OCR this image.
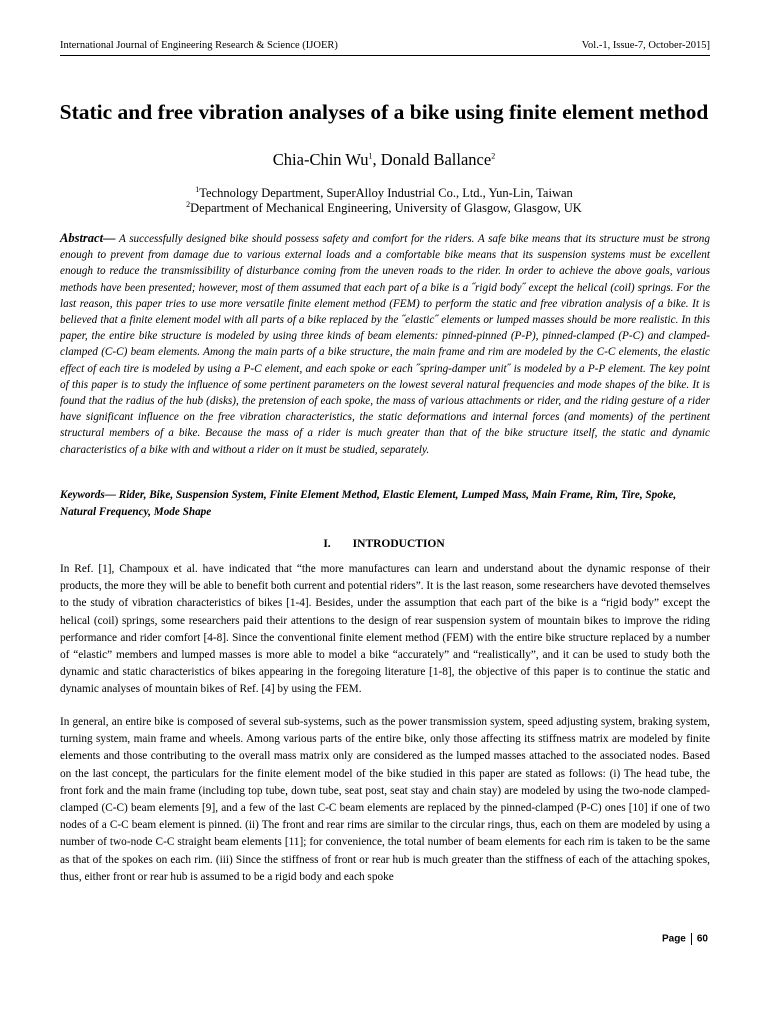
International Journal of Engineering Research & Science (IJOER)	Vol.-1, Issue-7, October-2015]
Static and free vibration analyses of a bike using finite element method
Chia-Chin Wu$^1$, Donald Ballance$^2$
$^1$Technology Department, SuperAlloy Industrial Co., Ltd., Yun-Lin, Taiwan
$^2$Department of Mechanical Engineering, University of Glasgow, Glasgow, UK
Abstract— A successfully designed bike should possess safety and comfort for the riders. A safe bike means that its structure must be strong enough to prevent from damage due to various external loads and a comfortable bike means that its suspension systems must be excellent enough to reduce the transmissibility of disturbance coming from the uneven roads to the rider. In order to achieve the above goals, various methods have been presented; however, most of them assumed that each part of a bike is a ˝rigid body˝ except the helical (coil) springs. For the last reason, this paper tries to use more versatile finite element method (FEM) to perform the static and free vibration analysis of a bike. It is believed that a finite element model with all parts of a bike replaced by the ˝elastic˝ elements or lumped masses should be more realistic. In this paper, the entire bike structure is modeled by using three kinds of beam elements: pinned-pinned (P-P), pinned-clamped (P-C) and clamped-clamped (C-C) beam elements. Among the main parts of a bike structure, the main frame and rim are modeled by the C-C elements, the elastic effect of each tire is modeled by using a P-C element, and each spoke or each ˝spring-damper unit˝ is modeled by a P-P element. The key point of this paper is to study the influence of some pertinent parameters on the lowest several natural frequencies and mode shapes of the bike. It is found that the radius of the hub (disks), the pretension of each spoke, the mass of various attachments or rider, and the riding gesture of a rider have significant influence on the free vibration characteristics, the static deformations and internal forces (and moments) of the pertinent structural members of a bike. Because the mass of a rider is much greater than that of the bike structure itself, the static and dynamic characteristics of a bike with and without a rider on it must be studied, separately.
Keywords— Rider, Bike, Suspension System, Finite Element Method, Elastic Element, Lumped Mass, Main Frame, Rim, Tire, Spoke, Natural Frequency, Mode Shape
I. INTRODUCTION
In Ref. [1], Champoux et al. have indicated that “the more manufactures can learn and understand about the dynamic response of their products, the more they will be able to benefit both current and potential riders”. It is the last reason, some researchers have devoted themselves to the study of vibration characteristics of bikes [1-4]. Besides, under the assumption that each part of the bike is a “rigid body” except the helical (coil) springs, some researchers paid their attentions to the design of rear suspension system of mountain bikes to improve the riding performance and rider comfort [4-8]. Since the conventional finite element method (FEM) with the entire bike structure replaced by a number of “elastic” members and lumped masses is more able to model a bike “accurately” and “realistically”, and it can be used to study both the dynamic and static characteristics of bikes appearing in the foregoing literature [1-8], the objective of this paper is to continue the static and dynamic analyses of mountain bikes of Ref. [4] by using the FEM.
In general, an entire bike is composed of several sub-systems, such as the power transmission system, speed adjusting system, braking system, turning system, main frame and wheels. Among various parts of the entire bike, only those affecting its stiffness matrix are modeled by finite elements and those contributing to the overall mass matrix only are considered as the lumped masses attached to the associated nodes. Based on the last concept, the particulars for the finite element model of the bike studied in this paper are stated as follows: (i) The head tube, the front fork and the main frame (including top tube, down tube, seat post, seat stay and chain stay) are modeled by using the two-node clamped-clamped (C-C) beam elements [9], and a few of the last C-C beam elements are replaced by the pinned-clamped (P-C) ones [10] if one of two nodes of a C-C beam element is pinned. (ii) The front and rear rims are similar to the circular rings, thus, each on them are modeled by using a number of two-node C-C straight beam elements [11]; for convenience, the total number of beam elements for each rim is taken to be the same as that of the spokes on each rim. (iii) Since the stiffness of front or rear hub is much greater than the stiffness of each of the attaching spokes, thus, either front or rear hub is assumed to be a rigid body and each spoke
Page 60
